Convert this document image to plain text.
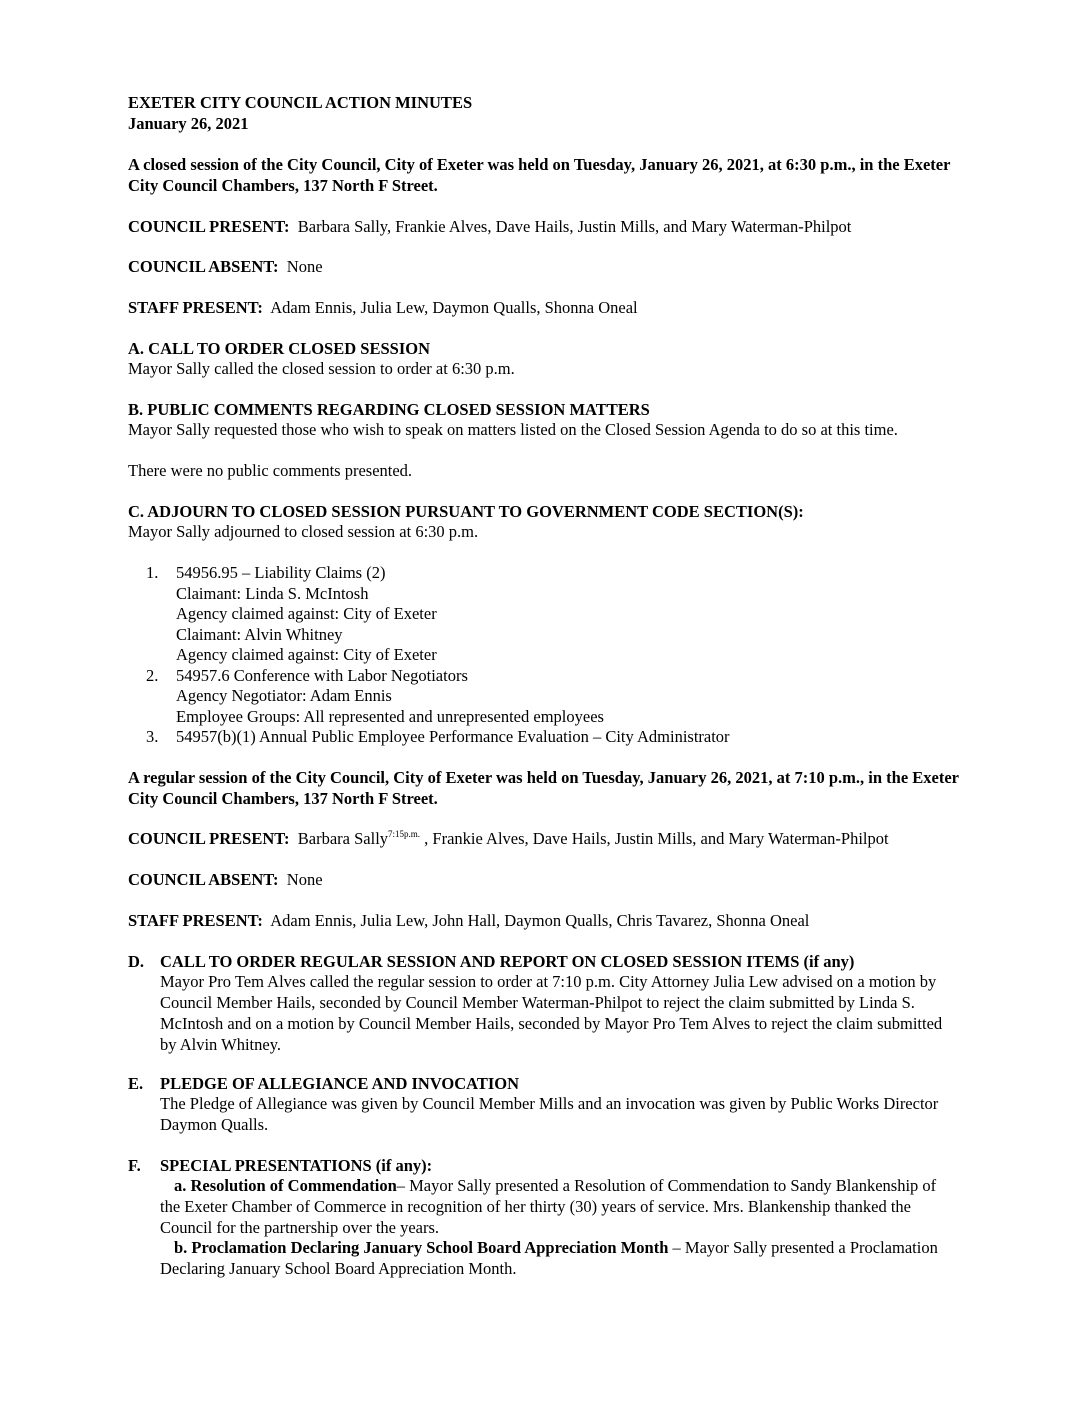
EXETER CITY COUNCIL ACTION MINUTES

January 26, 2021

A closed session of the City Council, City of Exeter was held on Tuesday, January 26, 2021, at 6:30 p.m., in the Exeter City Council Chambers, 137 North F Street.

COUNCIL PRESENT: Barbara Sally, Frankie Alves, Dave Hails, Justin Mills, and Mary Waterman-Philpot

COUNCIL ABSENT: None

STAFF PRESENT: Adam Ennis, Julia Lew, Daymon Qualls, Shonna Oneal

A. CALL TO ORDER CLOSED SESSION

Mayor Sally called the closed session to order at 6:30 p.m.

B. PUBLIC COMMENTS REGARDING CLOSED SESSION MATTERS

Mayor Sally requested those who wish to speak on matters listed on the Closed Session Agenda to do so at this time.

There were no public comments presented.

C. ADJOURN TO CLOSED SESSION PURSUANT TO GOVERNMENT CODE SECTION(S):

Mayor Sally adjourned to closed session at 6:30 p.m.

1. 54956.95 – Liability Claims (2)
Claimant: Linda S. McIntosh
Agency claimed against: City of Exeter
Claimant: Alvin Whitney
Agency claimed against: City of Exeter
2. 54957.6 Conference with Labor Negotiators
Agency Negotiator: Adam Ennis
Employee Groups: All represented and unrepresented employees
3. 54957(b)(1) Annual Public Employee Performance Evaluation – City Administrator

A regular session of the City Council, City of Exeter was held on Tuesday, January 26, 2021, at 7:10 p.m., in the Exeter City Council Chambers, 137 North F Street.

COUNCIL PRESENT: Barbara Sally$^{7:15p.m.}$ , Frankie Alves, Dave Hails, Justin Mills, and Mary Waterman-Philpot

COUNCIL ABSENT: None

STAFF PRESENT: Adam Ennis, Julia Lew, John Hall, Daymon Qualls, Chris Tavarez, Shonna Oneal

D. CALL TO ORDER REGULAR SESSION AND REPORT ON CLOSED SESSION ITEMS (if any)

Mayor Pro Tem Alves called the regular session to order at 7:10 p.m. City Attorney Julia Lew advised on a motion by Council Member Hails, seconded by Council Member Waterman-Philpot to reject the claim submitted by Linda S. McIntosh and on a motion by Council Member Hails, seconded by Mayor Pro Tem Alves to reject the claim submitted by Alvin Whitney.

E. PLEDGE OF ALLEGIANCE AND INVOCATION

The Pledge of Allegiance was given by Council Member Mills and an invocation was given by Public Works Director Daymon Qualls.

F. SPECIAL PRESENTATIONS (if any):

a. Resolution of Commendation– Mayor Sally presented a Resolution of Commendation to Sandy Blankenship of the Exeter Chamber of Commerce in recognition of her thirty (30) years of service. Mrs. Blankenship thanked the Council for the partnership over the years.

b. Proclamation Declaring January School Board Appreciation Month – Mayor Sally presented a Proclamation Declaring January School Board Appreciation Month.
